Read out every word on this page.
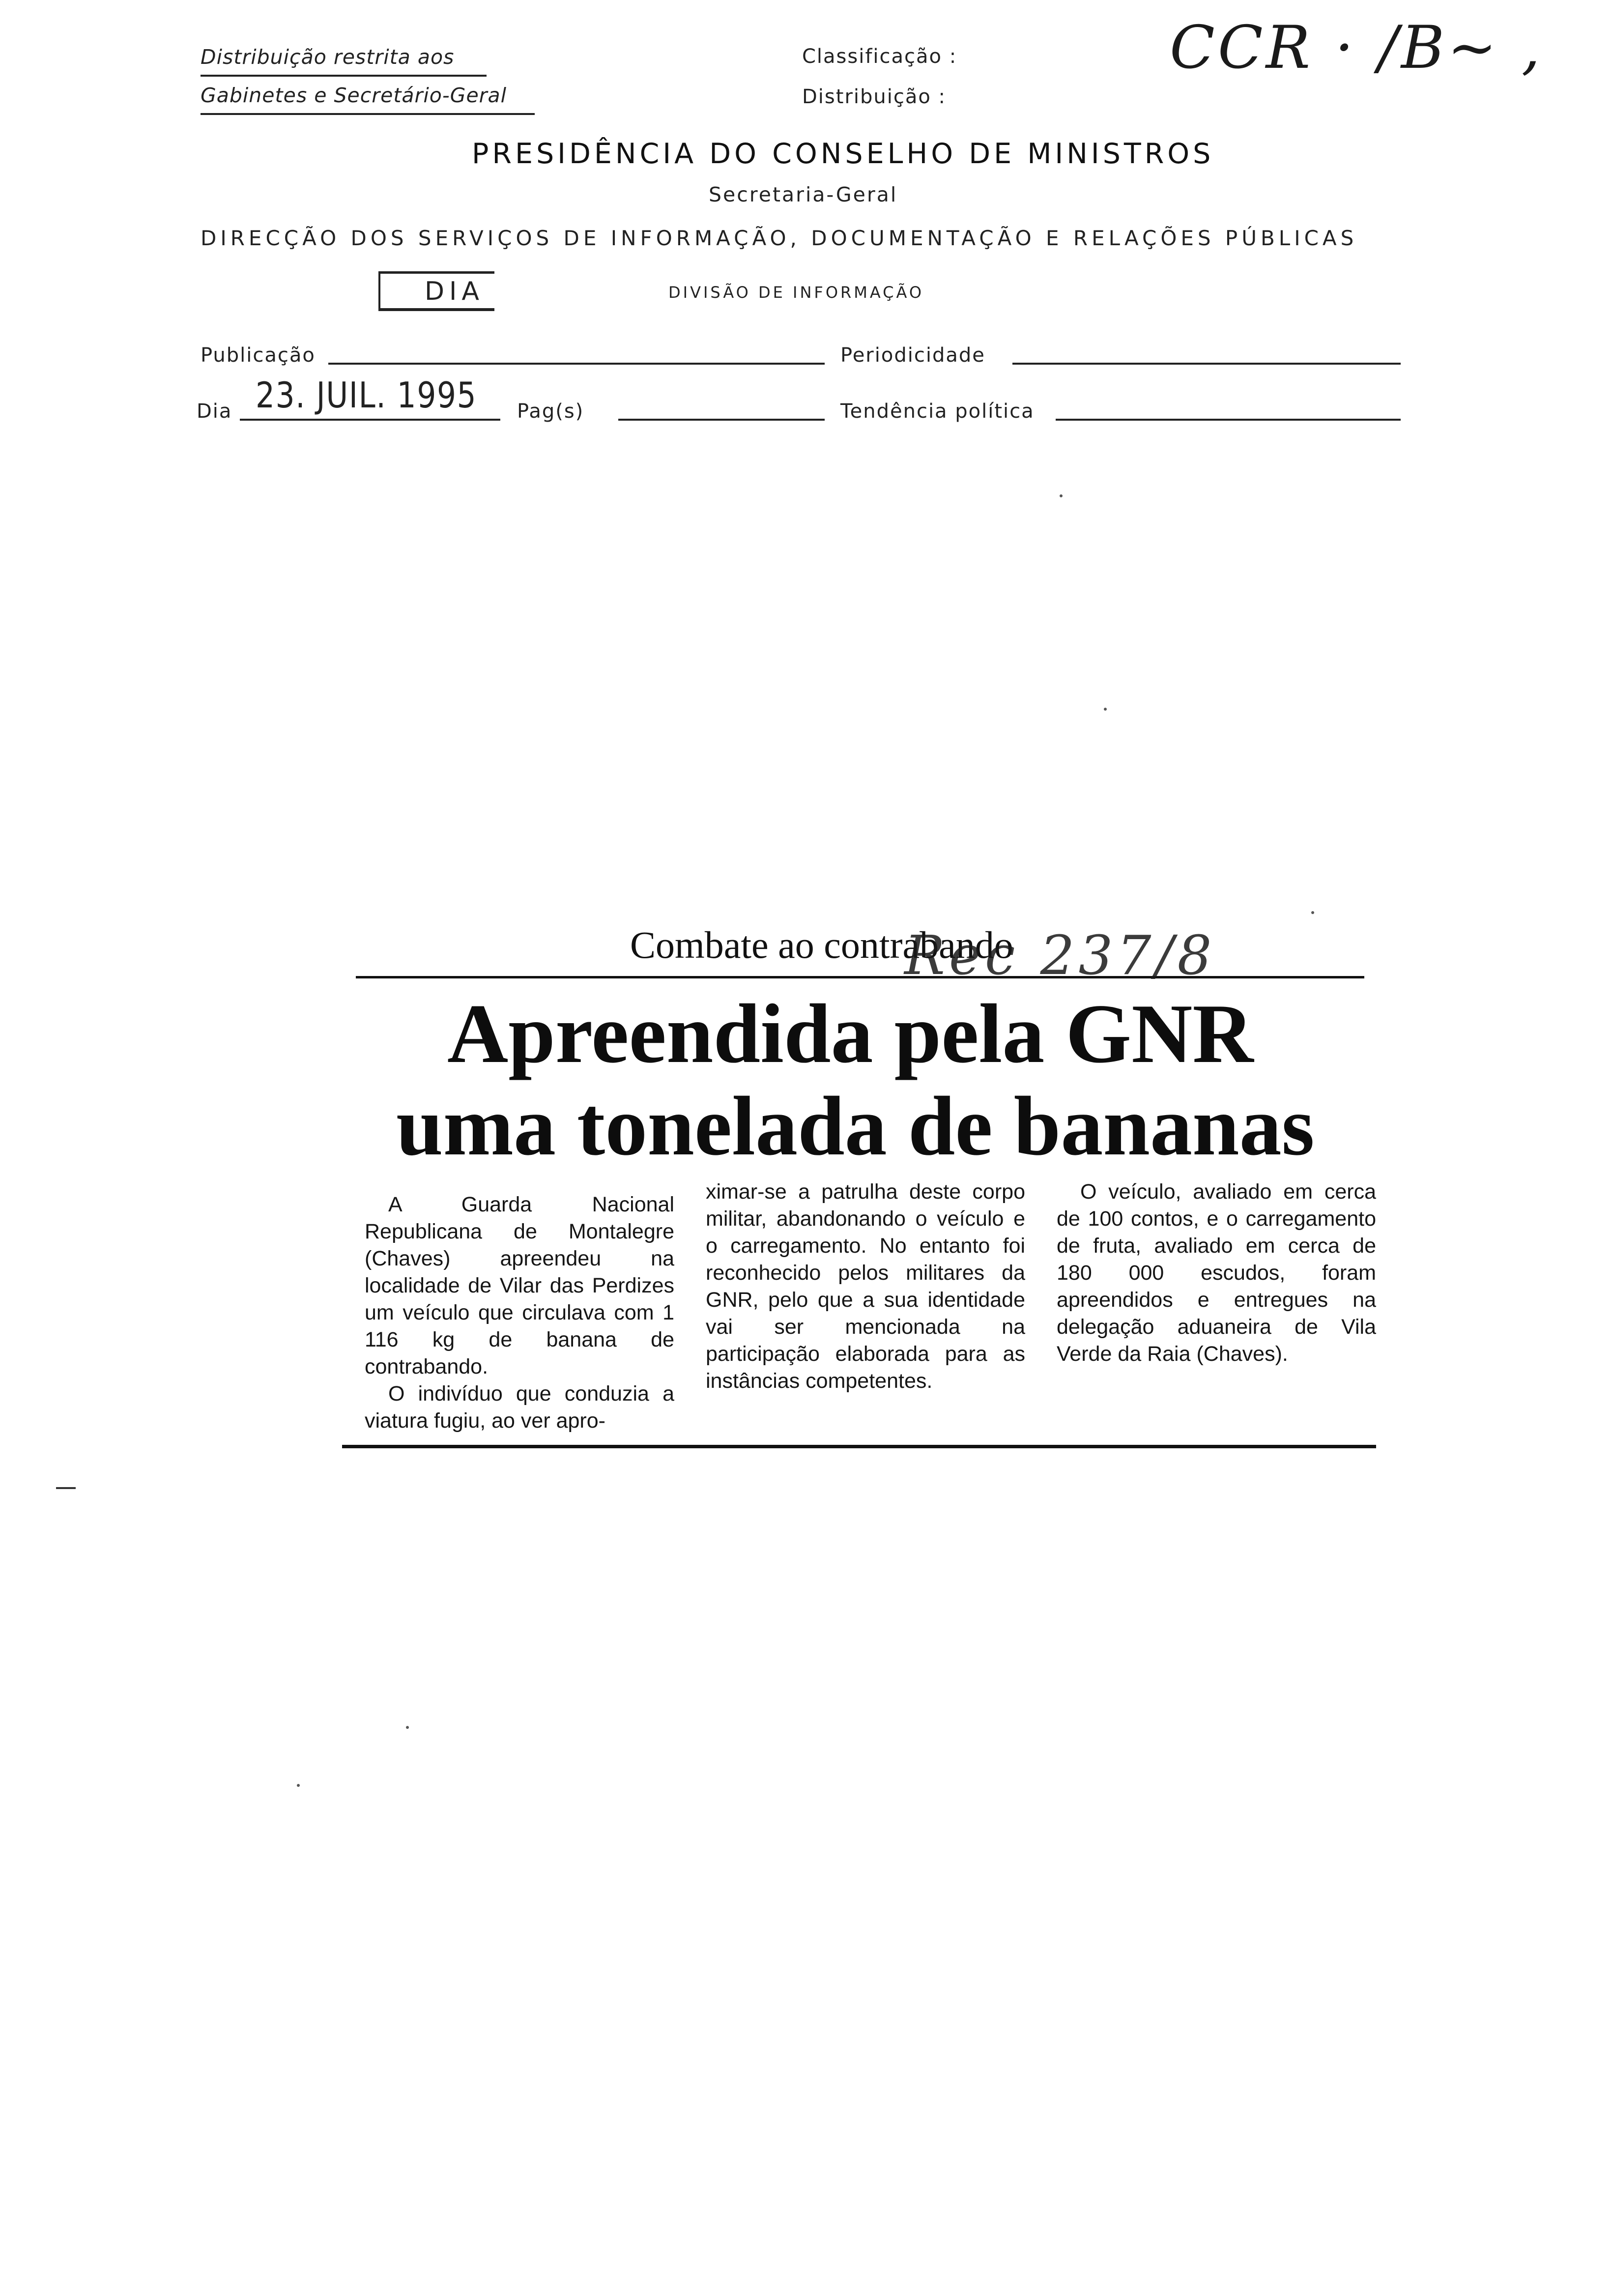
Distribuição restrita aos
Gabinetes e Secretário-Geral
Classificação :
Distribuição :
CCR · /B~ ,
PRESIDÊNCIA DO CONSELHO DE MINISTROS
Secretaria-Geral
DIRECÇÃO DOS SERVIÇOS DE INFORMAÇÃO, DOCUMENTAÇÃO E RELAÇÕES PÚBLICAS
DIA	DIVISÃO DE INFORMAÇÃO
Publicação	Periodicidade
Dia 23. JUIL. 1995 Pag(s)	Tendência política
Combate ao contrabando
Rec 237/8
Apreendida pela GNR
uma tonelada de bananas

A Guarda Nacional Republicana de Montalegre (Chaves) apreendeu na localidade de Vilar das Perdizes um veículo que circulava com 1 116 kg de banana de contrabando.

O indivíduo que conduzia a viatura fugiu, ao ver apro-

ximar-se a patrulha deste corpo militar, abandonando o veículo e o carregamento. No entanto foi reconhecido pelos militares da GNR, pelo que a sua identidade vai ser mencionada na participação elaborada para as instâncias competentes.

O veículo, avaliado em cerca de 100 contos, e o carregamento de fruta, avaliado em cerca de 180 000 escudos, foram apreendidos e entregues na delegação aduaneira de Vila Verde da Raia (Chaves).
